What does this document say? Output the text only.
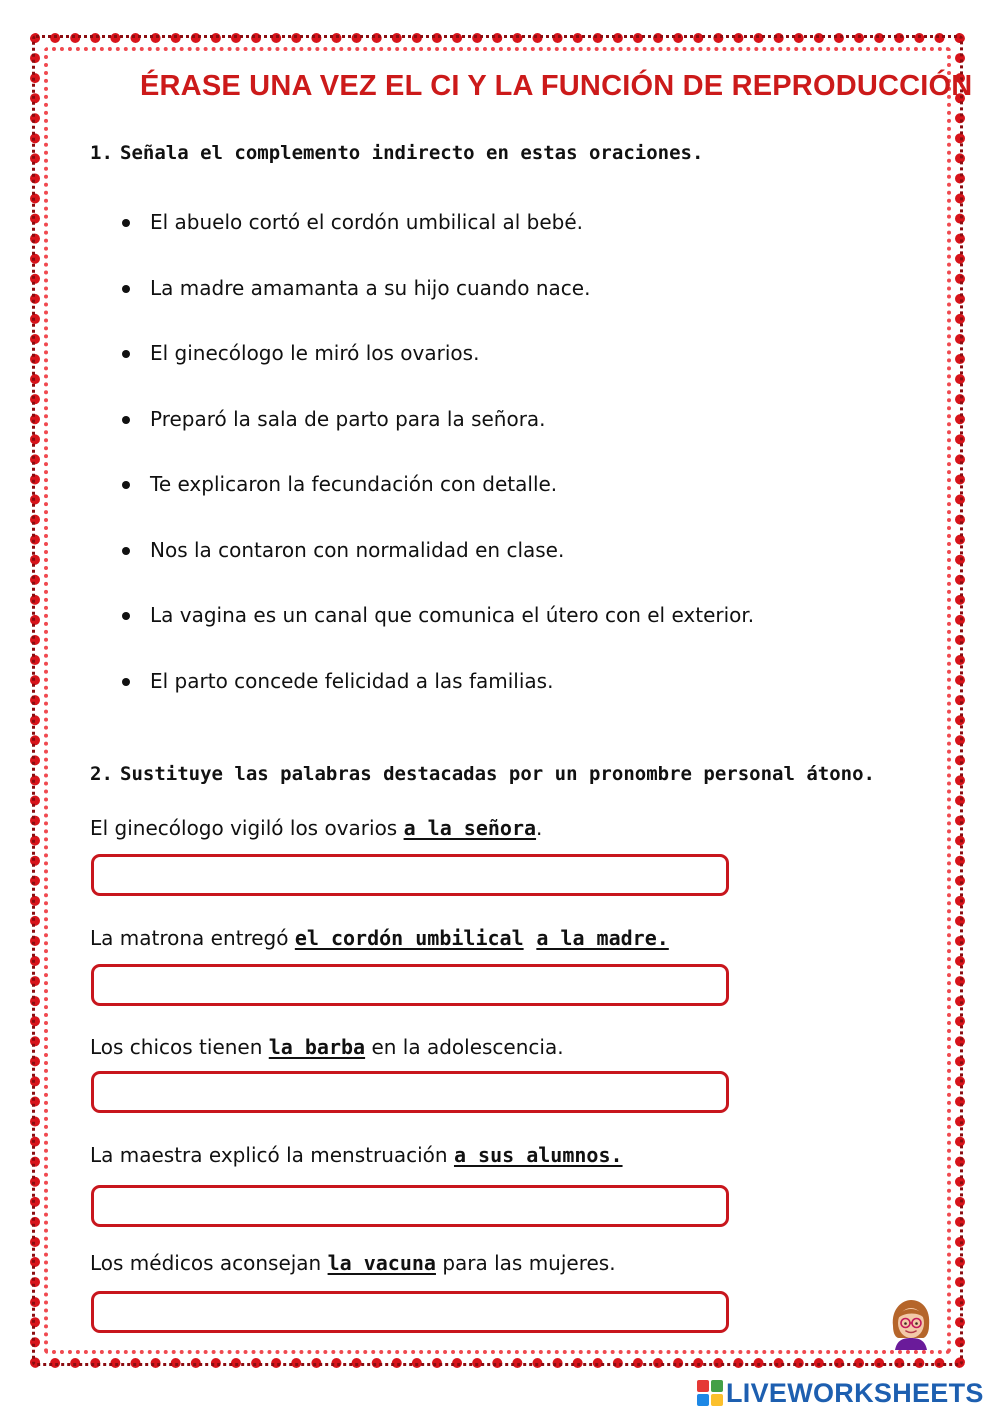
ÉRASE UNA VEZ EL CI Y LA FUNCIÓN DE REPRODUCCIÓN

1. Señala el complemento indirecto en estas oraciones.

El abuelo cortó el cordón umbilical al bebé.
La madre amamanta a su hijo cuando nace.
El ginecólogo le miró los ovarios.
Preparó la sala de parto para la señora.
Te explicaron la fecundación con detalle.
Nos la contaron con normalidad en clase.
La vagina es un canal que comunica el útero con el exterior.
El parto concede felicidad a las familias.

2. Sustituye las palabras destacadas por un pronombre personal átono.

El ginecólogo vigiló los ovarios a la señora.

La matrona entregó el cordón umbilical a la madre.

Los chicos tienen la barba en la adolescencia.

La maestra explicó la menstruación a sus alumnos.

Los médicos aconsejan la vacuna para las mujeres.

LIVEWORKSHEETS
